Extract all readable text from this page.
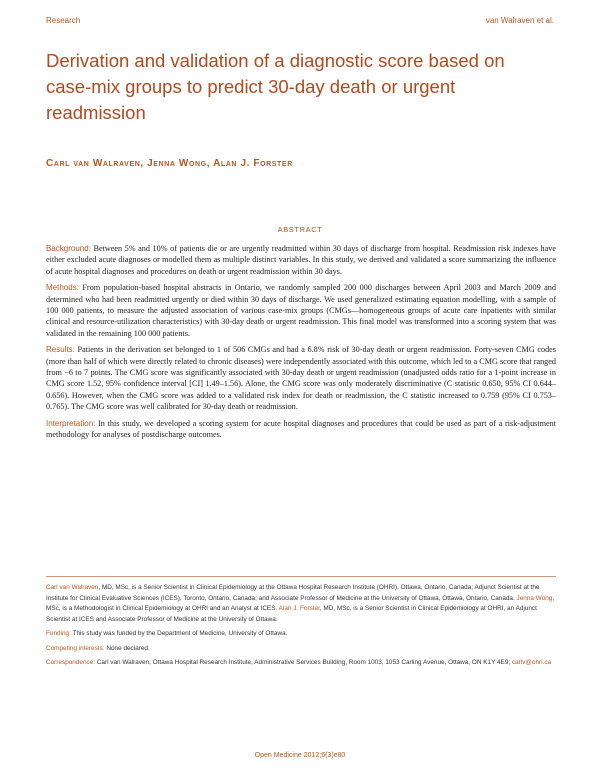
Research	van Walraven et al.
Derivation and validation of a diagnostic score based on case-mix groups to predict 30-day death or urgent readmission
Carl van Walraven, Jenna Wong, Alan J. Forster
ABSTRACT

Background: Between 5% and 10% of patients die or are urgently readmitted within 30 days of discharge from hospital. Readmission risk indexes have either excluded acute diagnoses or modelled them as multiple distinct variables. In this study, we derived and validated a score summarizing the influence of acute hospital diagnoses and procedures on death or urgent readmission within 30 days.

Methods: From population-based hospital abstracts in Ontario, we randomly sampled 200 000 discharges between April 2003 and March 2009 and determined who had been readmitted urgently or died within 30 days of discharge. We used generalized estimating equation modelling, with a sample of 100 000 patients, to measure the adjusted association of various case-mix groups (CMGs—homogeneous groups of acute care inpatients with similar clinical and resource-utilization characteristics) with 30-day death or urgent readmission. This final model was transformed into a scoring system that was validated in the remaining 100 000 patients.

Results: Patients in the derivation set belonged to 1 of 506 CMGs and had a 6.8% risk of 30-day death or urgent readmission. Forty-seven CMG codes (more than half of which were directly related to chronic diseases) were independently associated with this outcome, which led to a CMG score that ranged from −6 to 7 points. The CMG score was significantly associated with 30-day death or urgent readmission (unadjusted odds ratio for a 1-point increase in CMG score 1.52, 95% confidence interval [CI] 1.49–1.56). Alone, the CMG score was only moderately discriminative (C statistic 0.650, 95% CI 0.644–0.656). However, when the CMG score was added to a validated risk index for death or readmission, the C statistic increased to 0.759 (95% CI 0.753–0.765). The CMG score was well calibrated for 30-day death or readmission.

Interpretation: In this study, we developed a scoring system for acute hospital diagnoses and procedures that could be used as part of a risk-adjustment methodology for analyses of postdischarge outcomes.

Carl van Walraven, MD, MSc, is a Senior Scientist in Clinical Epidemiology at the Ottawa Hospital Research Institute (OHRI), Ottawa, Ontario, Canada; Adjunct Scientist at the Institute for Clinical Evaluative Sciences (ICES), Toronto, Ontario, Canada; and Associate Professor of Medicine at the University of Ottawa, Ottawa, Ontario, Canada. Jenna Wong, MSc, is a Methodologist in Clinical Epidemiology at OHRI and an Analyst at ICES. Alan J. Forster, MD, MSc, is a Senior Scientist in Clinical Epidemiology at OHRI, an Adjunct Scientist at ICES and Associate Professor of Medicine at the University of Ottawa.

Funding: This study was funded by the Department of Medicine, University of Ottawa.

Competing interests: None declared.

Correspondence: Carl van Walraven, Ottawa Hospital Research Institute, Administrative Services Building, Room 1003, 1053 Carling Avenue, Ottawa, ON K1Y 4E9; carlv@ohri.ca

Open Medicine 2012;6(3)e80
